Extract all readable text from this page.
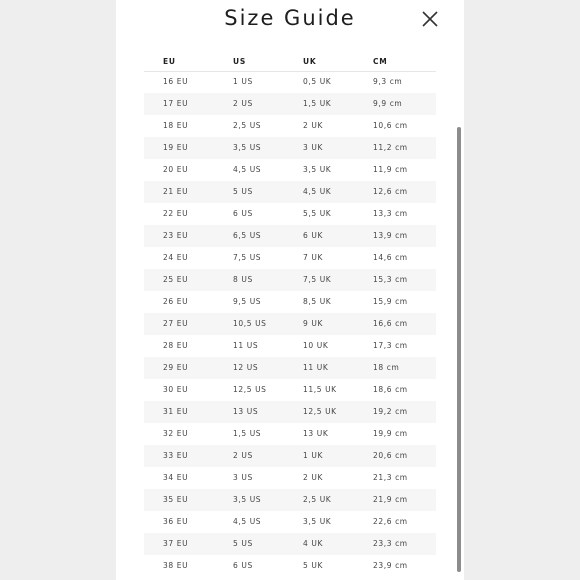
Size Guide
EU	US	UK	CM
16 EU	1 US	0,5 UK	9,3 cm
17 EU	2 US	1,5 UK	9,9 cm
18 EU	2,5 US	2 UK	10,6 cm
19 EU	3,5 US	3 UK	11,2 cm
20 EU	4,5 US	3,5 UK	11,9 cm
21 EU	5 US	4,5 UK	12,6 cm
22 EU	6 US	5,5 UK	13,3 cm
23 EU	6,5 US	6 UK	13,9 cm
24 EU	7,5 US	7 UK	14,6 cm
25 EU	8 US	7,5 UK	15,3 cm
26 EU	9,5 US	8,5 UK	15,9 cm
27 EU	10,5 US	9 UK	16,6 cm
28 EU	11 US	10 UK	17,3 cm
29 EU	12 US	11 UK	18 cm
30 EU	12,5 US	11,5 UK	18,6 cm
31 EU	13 US	12,5 UK	19,2 cm
32 EU	1,5 US	13 UK	19,9 cm
33 EU	2 US	1 UK	20,6 cm
34 EU	3 US	2 UK	21,3 cm
35 EU	3,5 US	2,5 UK	21,9 cm
36 EU	4,5 US	3,5 UK	22,6 cm
37 EU	5 US	4 UK	23,3 cm
38 EU	6 US	5 UK	23,9 cm
